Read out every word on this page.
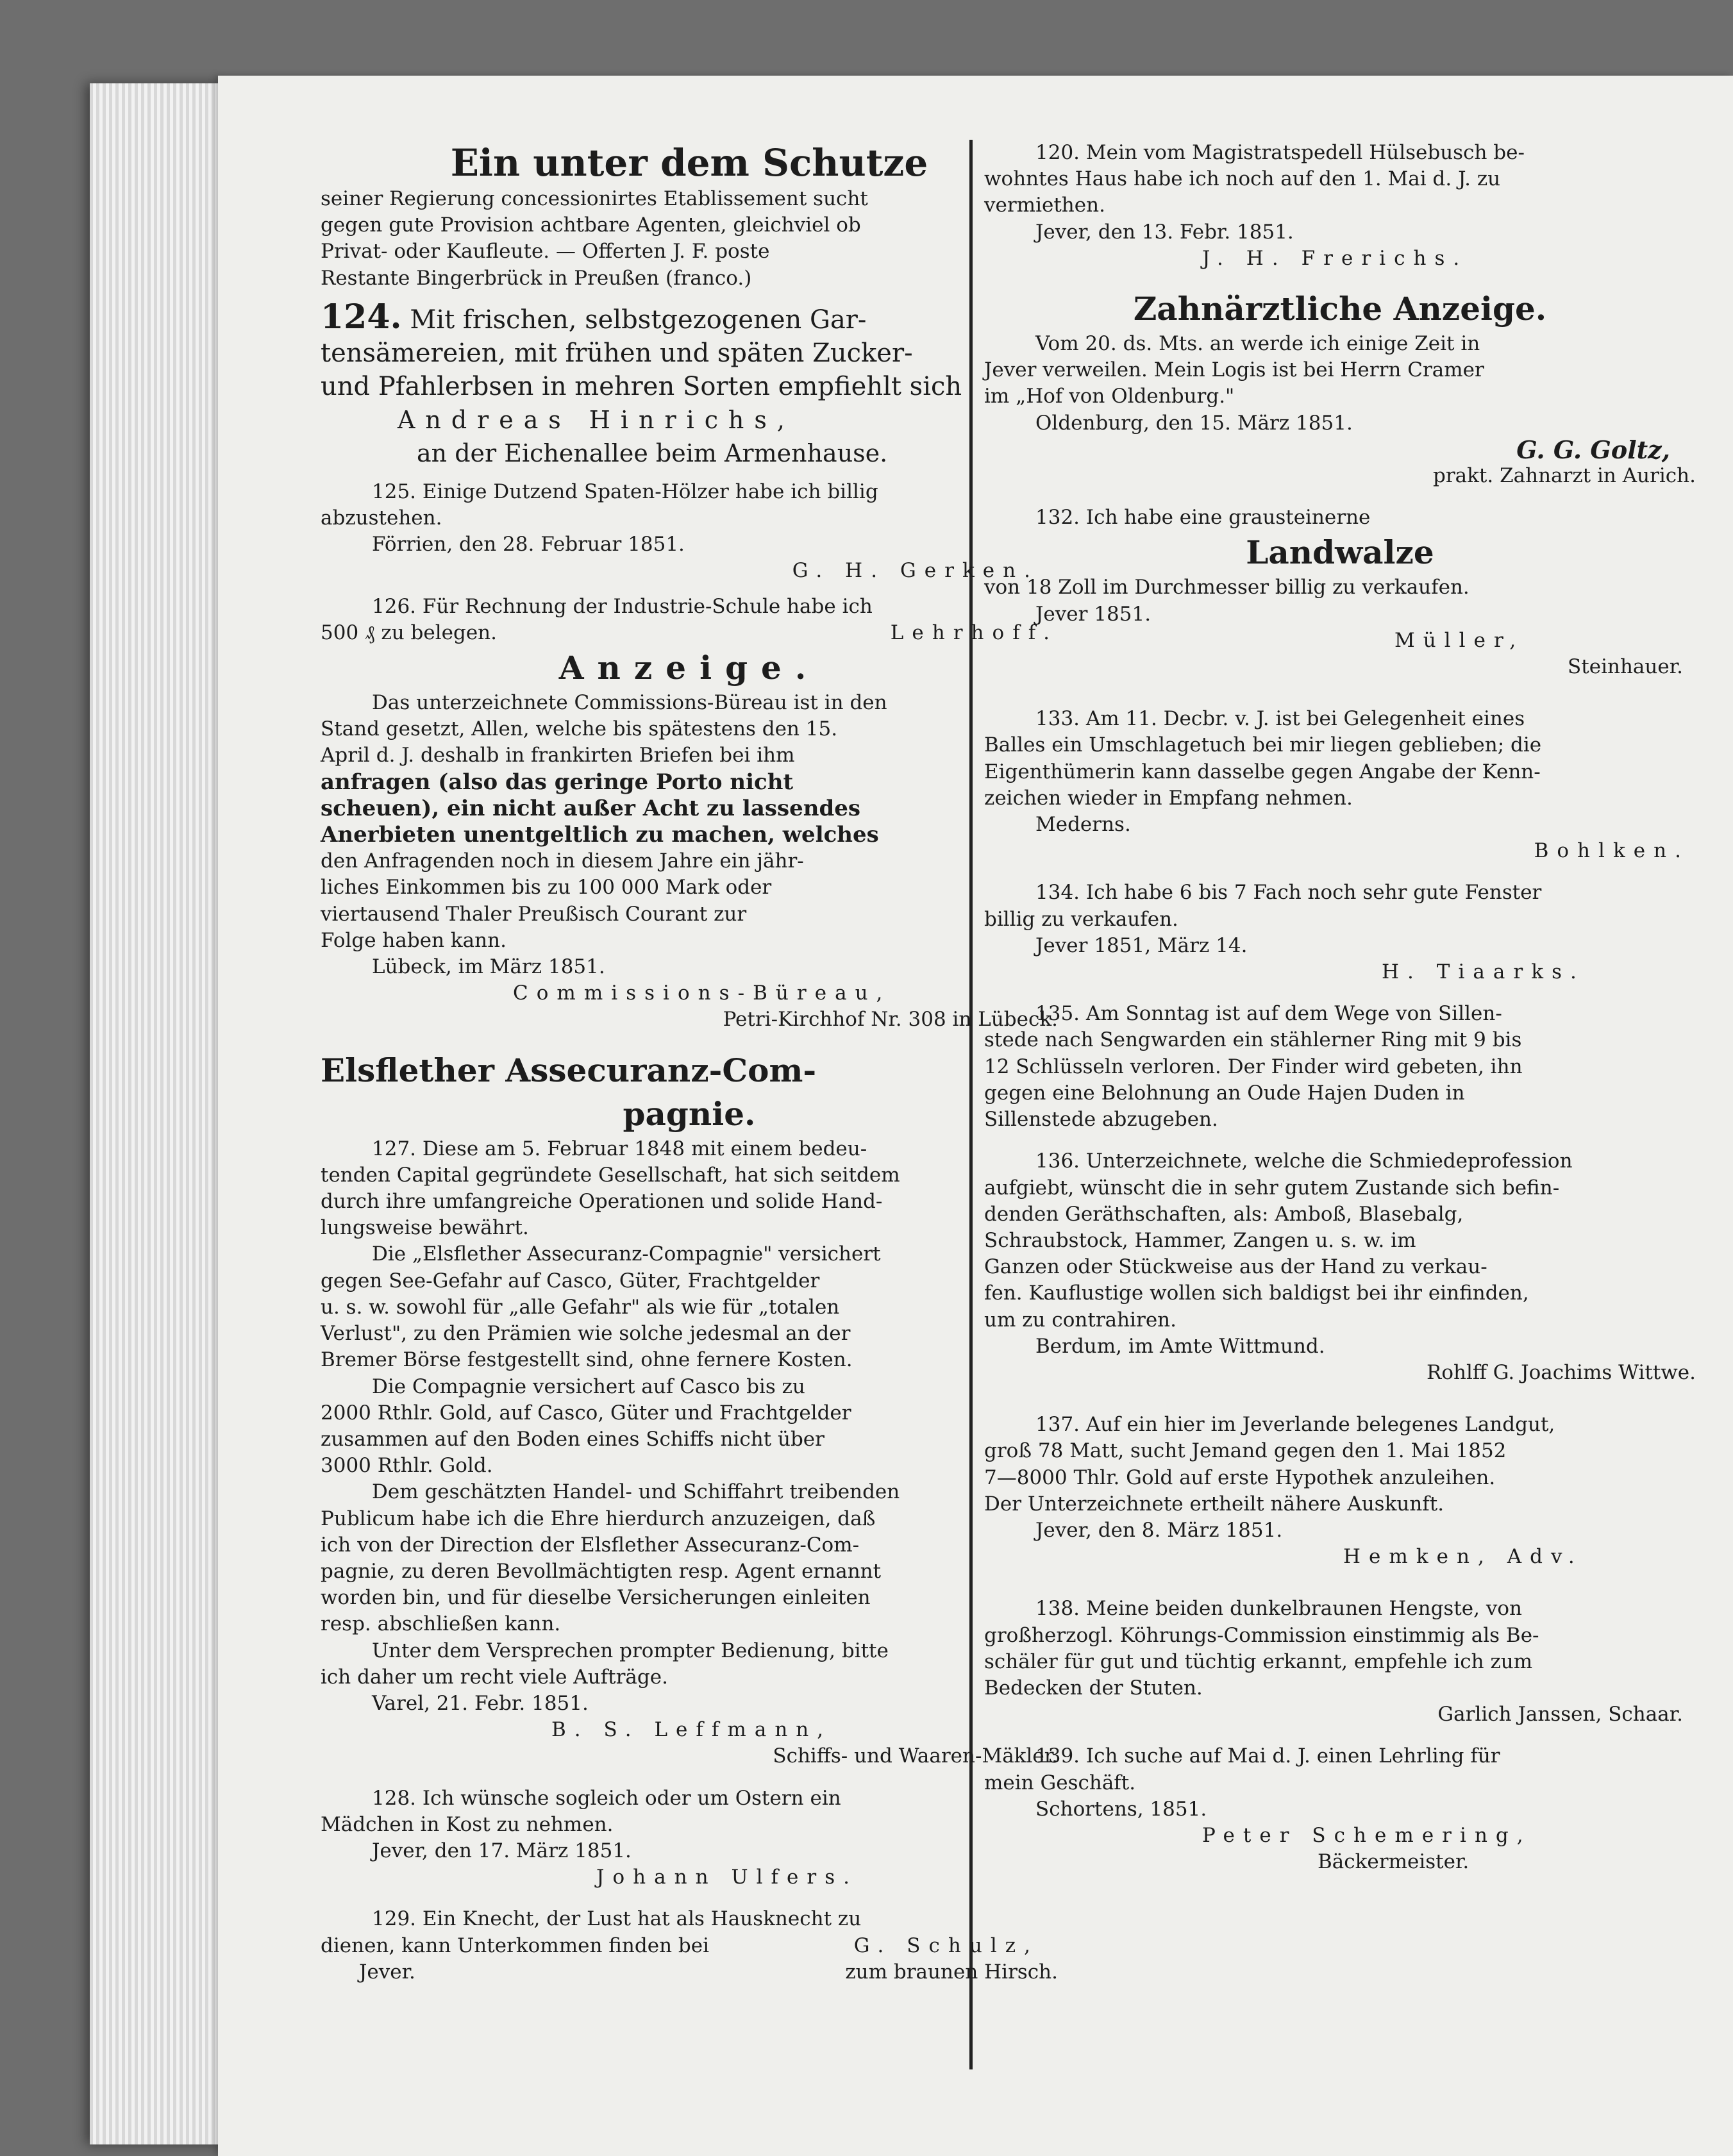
Ein unter dem Schutze

seiner Regierung concessionirtes Etablissement sucht

gegen gute Provision achtbare Agenten, gleichviel ob

Privat- oder Kaufleute. — Offerten J. F. poste

Restante Bingerbrück in Preußen (franco.)

124. Mit frischen, selbstgezogenen Gar-

tensämereien, mit frühen und späten Zucker-

und Pfahlerbsen in mehren Sorten empfiehlt sich

Andreas Hinrichs,

an der Eichenallee beim Armenhause.

125. Einige Dutzend Spaten-Hölzer habe ich billig

abzustehen.

Förrien, den 28. Februar 1851.

G. H. Gerken.

126. Für Rechnung der Industrie-Schule habe ich

500 ₰ zu belegen.	Lehrhoff.

Anzeige.

Das unterzeichnete Commissions-Büreau ist in den

Stand gesetzt, Allen, welche bis spätestens den 15.

April d. J. deshalb in frankirten Briefen bei ihm

anfragen (also das geringe Porto nicht

scheuen), ein nicht außer Acht zu lassendes

Anerbieten unentgeltlich zu machen, welches

den Anfragenden noch in diesem Jahre ein jähr-

liches Einkommen bis zu 100 000 Mark oder

viertausend Thaler Preußisch Courant zur

Folge haben kann.

Lübeck, im März 1851.

Commissions-Büreau,

Petri-Kirchhof Nr. 308 in Lübeck.

Elsflether Assecuranz-Com-

pagnie.

127. Diese am 5. Februar 1848 mit einem bedeu-

tenden Capital gegründete Gesellschaft, hat sich seitdem

durch ihre umfangreiche Operationen und solide Hand-

lungsweise bewährt.

Die „Elsflether Assecuranz-Compagnie" versichert

gegen See-Gefahr auf Casco, Güter, Frachtgelder

u. s. w. sowohl für „alle Gefahr" als wie für „totalen

Verlust", zu den Prämien wie solche jedesmal an der

Bremer Börse festgestellt sind, ohne fernere Kosten.

Die Compagnie versichert auf Casco bis zu

2000 Rthlr. Gold, auf Casco, Güter und Frachtgelder

zusammen auf den Boden eines Schiffs nicht über

3000 Rthlr. Gold.

Dem geschätzten Handel- und Schiffahrt treibenden

Publicum habe ich die Ehre hierdurch anzuzeigen, daß

ich von der Direction der Elsflether Assecuranz-Com-

pagnie, zu deren Bevollmächtigten resp. Agent ernannt

worden bin, und für dieselbe Versicherungen einleiten

resp. abschließen kann.

Unter dem Versprechen prompter Bedienung, bitte

ich daher um recht viele Aufträge.

Varel, 21. Febr. 1851.

B. S. Leffmann,

Schiffs- und Waaren-Mäkler.

128. Ich wünsche sogleich oder um Ostern ein

Mädchen in Kost zu nehmen.

Jever, den 17. März 1851.

Johann Ulfers.

129. Ein Knecht, der Lust hat als Hausknecht zu

dienen, kann Unterkommen finden bei	G. Schulz,
Jever.	zum braunen Hirsch.

120. Mein vom Magistratspedell Hülsebusch be-

wohntes Haus habe ich noch auf den 1. Mai d. J. zu

vermiethen.

Jever, den 13. Febr. 1851.

J. H. Frerichs.

Zahnärztliche Anzeige.

Vom 20. ds. Mts. an werde ich einige Zeit in

Jever verweilen. Mein Logis ist bei Herrn Cramer

im „Hof von Oldenburg."

Oldenburg, den 15. März 1851.

G. G. Goltz,

prakt. Zahnarzt in Aurich.

132. Ich habe eine grausteinerne

Landwalze

von 18 Zoll im Durchmesser billig zu verkaufen.

Jever 1851.

Müller,

Steinhauer.

133. Am 11. Decbr. v. J. ist bei Gelegenheit eines

Balles ein Umschlagetuch bei mir liegen geblieben; die

Eigenthümerin kann dasselbe gegen Angabe der Kenn-

zeichen wieder in Empfang nehmen.

Mederns.

Bohlken.

134. Ich habe 6 bis 7 Fach noch sehr gute Fenster

billig zu verkaufen.

Jever 1851, März 14.

H. Tiaarks.

135. Am Sonntag ist auf dem Wege von Sillen-

stede nach Sengwarden ein stählerner Ring mit 9 bis

12 Schlüsseln verloren. Der Finder wird gebeten, ihn

gegen eine Belohnung an Oude Hajen Duden in

Sillenstede abzugeben.

136. Unterzeichnete, welche die Schmiedeprofession

aufgiebt, wünscht die in sehr gutem Zustande sich befin-

denden Geräthschaften, als: Amboß, Blasebalg,

Schraubstock, Hammer, Zangen u. s. w. im

Ganzen oder Stückweise aus der Hand zu verkau-

fen. Kauflustige wollen sich baldigst bei ihr einfinden,

um zu contrahiren.

Berdum, im Amte Wittmund.

Rohlff G. Joachims Wittwe.

137. Auf ein hier im Jeverlande belegenes Landgut,

groß 78 Matt, sucht Jemand gegen den 1. Mai 1852

7—8000 Thlr. Gold auf erste Hypothek anzuleihen.

Der Unterzeichnete ertheilt nähere Auskunft.

Jever, den 8. März 1851.

Hemken, Adv.

138. Meine beiden dunkelbraunen Hengste, von

großherzogl. Köhrungs-Commission einstimmig als Be-

schäler für gut und tüchtig erkannt, empfehle ich zum

Bedecken der Stuten.

Garlich Janssen, Schaar.

139. Ich suche auf Mai d. J. einen Lehrling für

mein Geschäft.

Schortens, 1851.

Peter Schemering,

Bäckermeister.
